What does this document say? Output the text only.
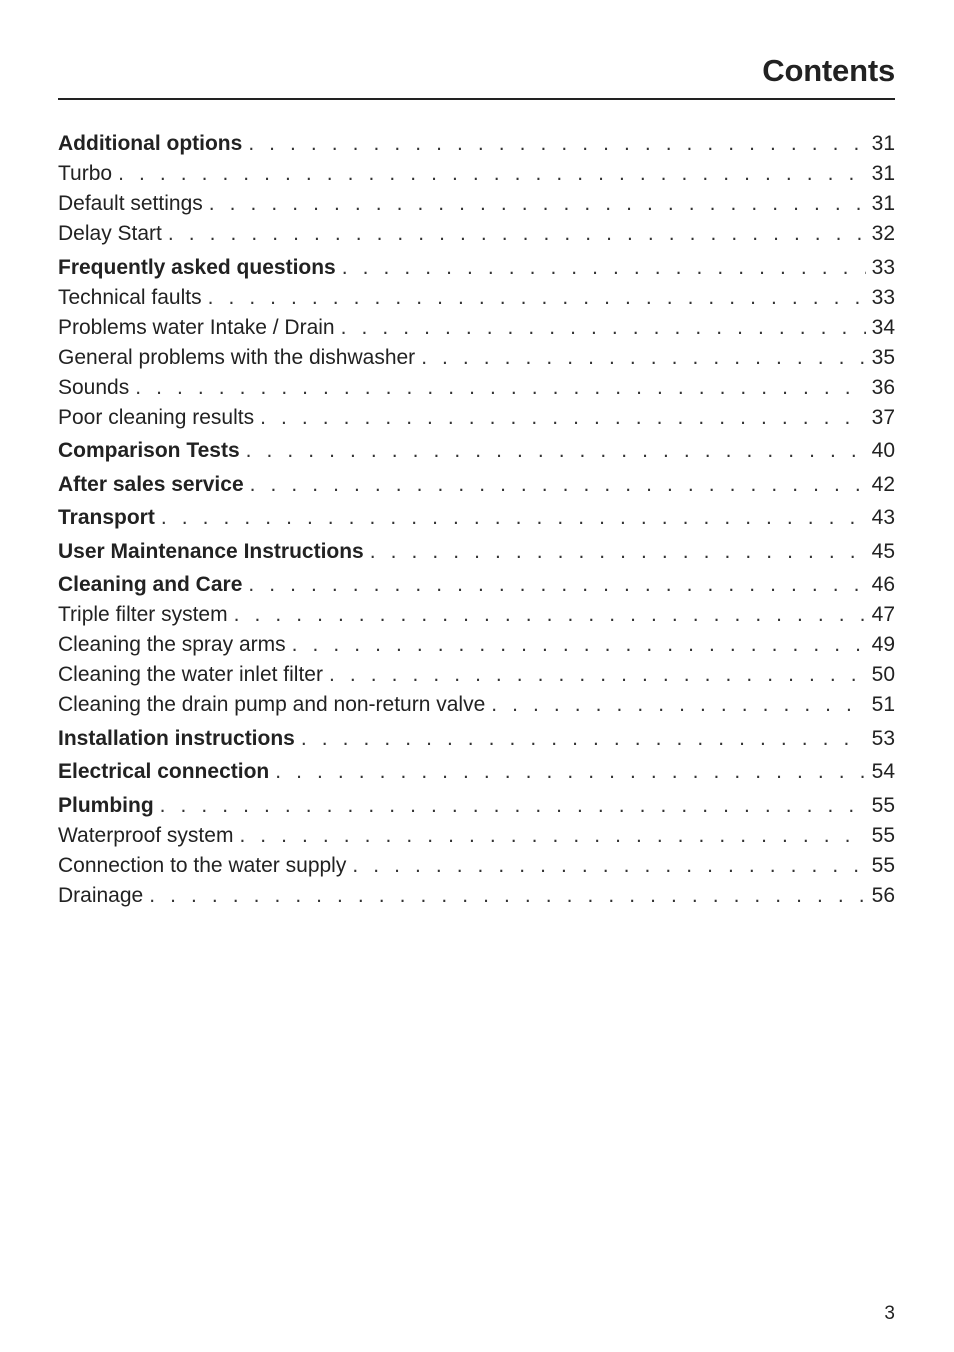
Contents
Additional options . . .	31
Turbo . . .	31
Default settings . . .	31
Delay Start . . .	32
Frequently asked questions . . .	33
Technical faults . . .	33
Problems water Intake / Drain . . .	34
General problems with the dishwasher . . .	35
Sounds . . .	36
Poor cleaning results . . .	37
Comparison Tests . . .	40
After sales service . . .	42
Transport . . .	43
User Maintenance Instructions . . .	45
Cleaning and Care . . .	46
Triple filter system . . .	47
Cleaning the spray arms . . .	49
Cleaning the water inlet filter . . .	50
Cleaning the drain pump and non-return valve . . .	51
Installation instructions . . .	53
Electrical connection . . .	54
Plumbing . . .	55
Waterproof system . . .	55
Connection to the water supply . . .	55
Drainage . . .	56
3
